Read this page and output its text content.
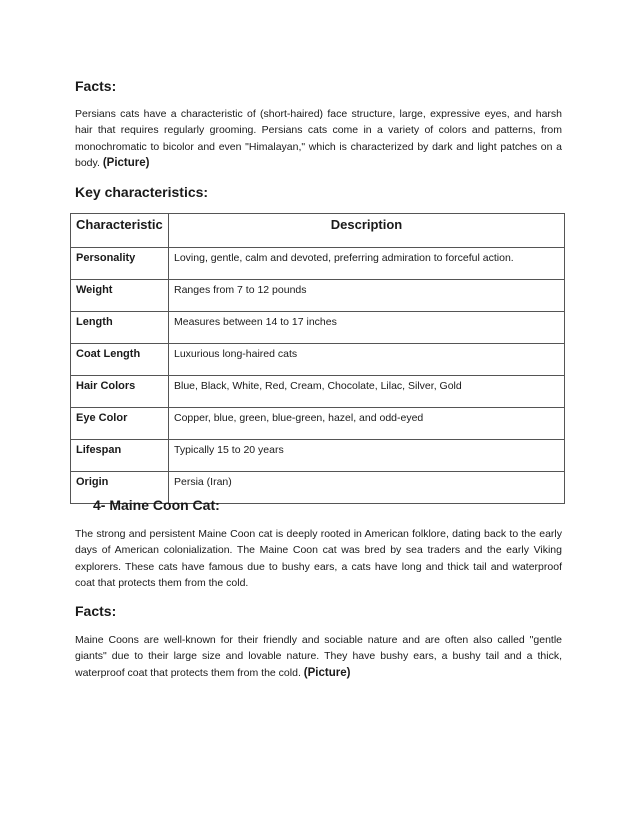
Facts:

Persians cats have a characteristic of (short-haired) face structure, large, expressive eyes, and harsh hair that requires regularly grooming. Persians cats come in a variety of colors and patterns, from monochromatic to bicolor and even "Himalayan," which is characterized by dark and light patches on a body. (Picture)

Key characteristics:
Characteristic	Description
Personality	Loving, gentle, calm and devoted, preferring admiration to forceful action.
Weight	Ranges from 7 to 12 pounds
Length	Measures between 14 to 17 inches
Coat Length	Luxurious long-haired cats
Hair Colors	Blue, Black, White, Red, Cream, Chocolate, Lilac, Silver, Gold
Eye Color	Copper, blue, green, blue-green, hazel, and odd-eyed
Lifespan	Typically 15 to 20 years
Origin	Persia (Iran)
4- Maine Coon Cat:

The strong and persistent Maine Coon cat is deeply rooted in American folklore, dating back to the early days of American colonialization. The Maine Coon cat was bred by sea traders and the early Viking explorers. These cats have famous due to bushy ears, a cats have long and thick tail and waterproof coat that protects them from the cold.

Facts:

Maine Coons are well-known for their friendly and sociable nature and are often also called "gentle giants" due to their large size and lovable nature. They have bushy ears, a bushy tail and a thick, waterproof coat that protects them from the cold. (Picture)
